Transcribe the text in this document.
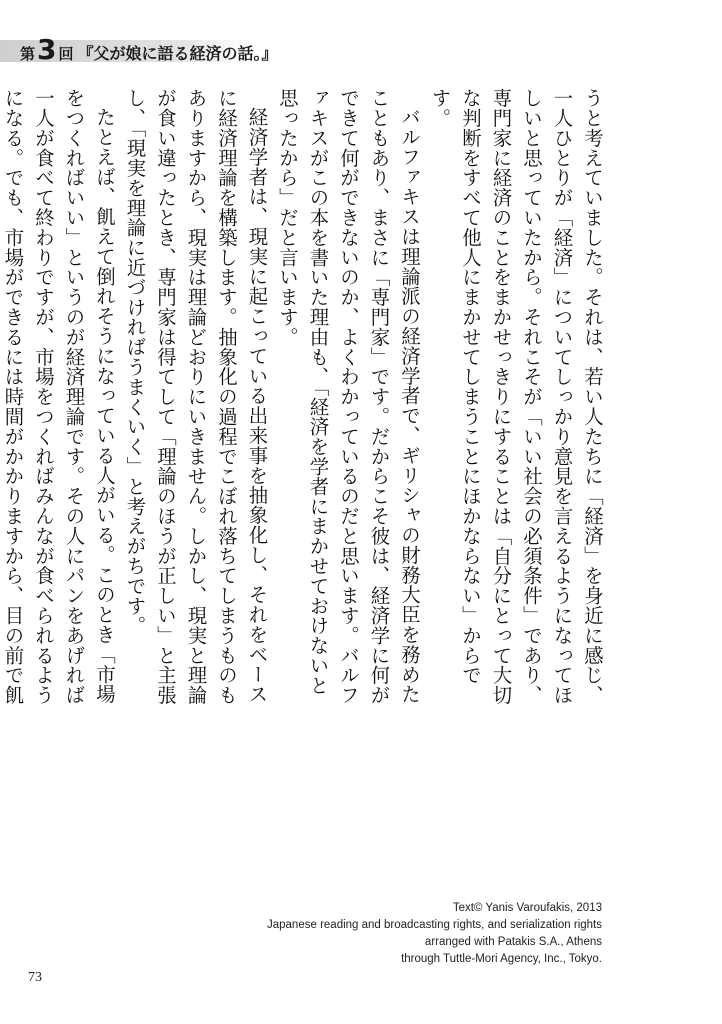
第 3 回 『父が娘に語る経済の話。』

うと考えていました。それは、若い人たちに「経済」を身近に感じ、一人ひとりが「経済」についてしっかり意見を言えるようになってほしいと思っていたから。それこそが「いい社会の必須条件」であり、専門家に経済のことをまかせっきりにすることは「自分にとって大切な判断をすべて他人にまかせてしまうことにほかならない」からです。

バルファキスは理論派の経済学者で、ギリシャの財務大臣を務めたこともあり、まさに「専門家」です。だからこそ彼は、経済学に何ができて何ができないのか、よくわかっているのだと思います。バルファキスがこの本を書いた理由も、「経済を学者にまかせておけないと思ったから」だと言います。

経済学者は、現実に起こっている出来事を抽象化し、それをベースに経済理論を構築します。抽象化の過程でこぼれ落ちてしまうものもありますから、現実は理論どおりにいきません。しかし、現実と理論が食い違ったとき、専門家は得てして「理論のほうが正しい」と主張し、「現実を理論に近づければうまくいく」と考えがちです。

たとえば、飢えて倒れそうになっている人がいる。このとき「市場をつくればいい」というのが経済理論です。その人にパンをあげれば一人が食べて終わりですが、市場をつくればみんなが食べられるようになる。でも、市場ができるには時間がかかりますから、目の前で飢

Text© Yanis Varoufakis, 2013
Japanese reading and broadcasting rights, and serialization rights
arranged with Patakis S.A., Athens
through Tuttle-Mori Agency, Inc., Tokyo.
73
